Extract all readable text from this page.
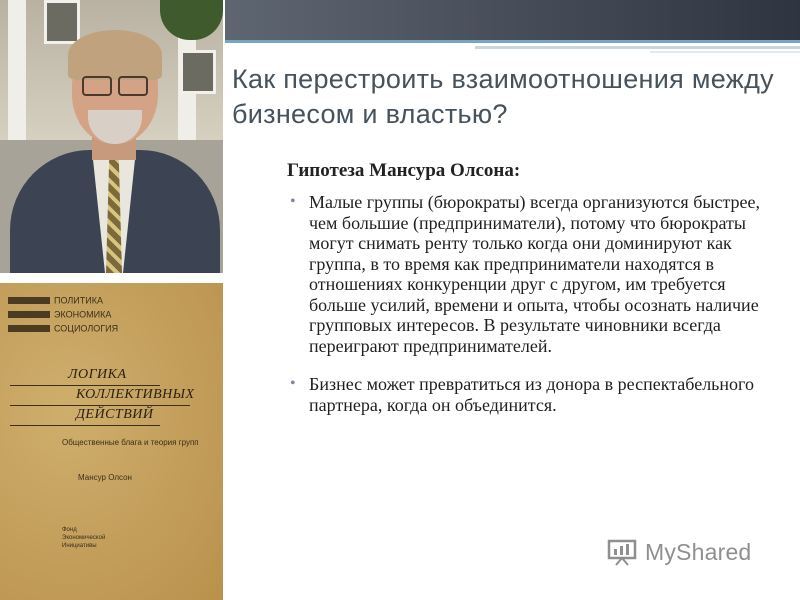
ПОЛИТИКА
ЭКОНОМИКА
СОЦИОЛОГИЯ
ЛОГИКА
КОЛЛЕКТИВНЫХ
ДЕЙСТВИЙ
Общественные блага и теория групп
Мансур Олсон
Фонд
Экономической
Инициативы
Как перестроить взаимоотношения между бизнесом и властью?
Гипотеза Мансура Олсона:
• Малые группы (бюрократы) всегда организуются быстрее, чем большие (предприниматели), потому что бюрократы могут снимать ренту только когда они доминируют как группа, в то время как предприниматели находятся в отношениях конкуренции друг с другом, им требуется больше усилий, времени и опыта, чтобы осознать наличие групповых интересов. В результате чиновники всегда переиграют предпринимателей.
• Бизнес может превратиться из донора в респектабельного партнера, когда он объединится.
MyShared
